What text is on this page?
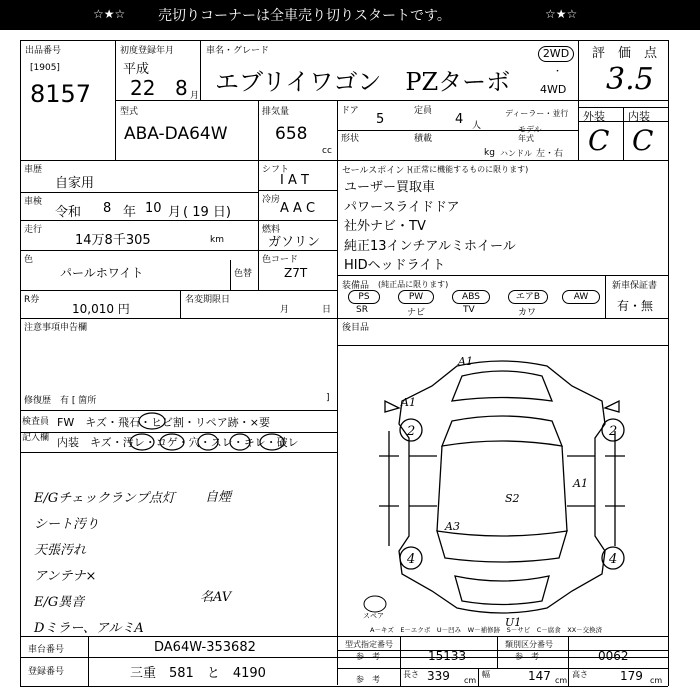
☆★☆ 売切りコーナーは全車売り切りスタートです。	☆★☆
出品番号
[1905]
8157
初度登録年月
平成
22 8 月
車名・グレード
エブリイワゴン　PZターボ
2WD
・
4WD
評　価　点
3.5
型式
ABA-DA64W
排気量
658
cc
ドア
5
定員
4 人
ディーラー・並行
形状	積載
kg
モデル
年式
ハンドル 左・右
外装 内装
C C
車歴
自家用
車検
令和 8 年 10 月 ( 19 日)
走行
14万8千305	km
シフト
I A T
冷房
A A C
燃料
ガソリン
色
パールホワイト	色替
色コード
Z7T
R券
10,010 円
名変期限日
月	日
注意事項申告欄
修復歴　有 [ 箇所	]
検査員
記入欄
FW　キズ・飛石・ヒビ割・リペア跡・×要
内装　キズ・汚レ・コゲ・穴・スレ・キレ・破レ
E/Gチェックランプ点灯
シート汚り
天張汚れ
アンテナ×
E/G異音
Dミラー、アルミA
自煙
名AV
セールスポイント
(正常に機能するものに限ります)
ユーザー買取車
パワースライドドア
社外ナビ・TV
純正13インチアルミホイール
HIDヘッドライト
装備品 (純正品に限ります)	新車保証書
有・無
PS	PW	ABS	エアB	AW
SR	ナビ	TV	カワ
後目品
A1
A1
A1
S2
A3
U1
2	2
4	4
スペア
A－キズ　E－エクボ　U－凹み　W－補修跡　S－サビ　C－腐食　XX－交換済
車台番号	DA64W-353682
登録番号	三重　581　と　4190
型式指定番号
参　考	15133
類別区分番号
参　考	0062
参　考
長さ 339 cm
幅	147 cm
高さ	179 cm
